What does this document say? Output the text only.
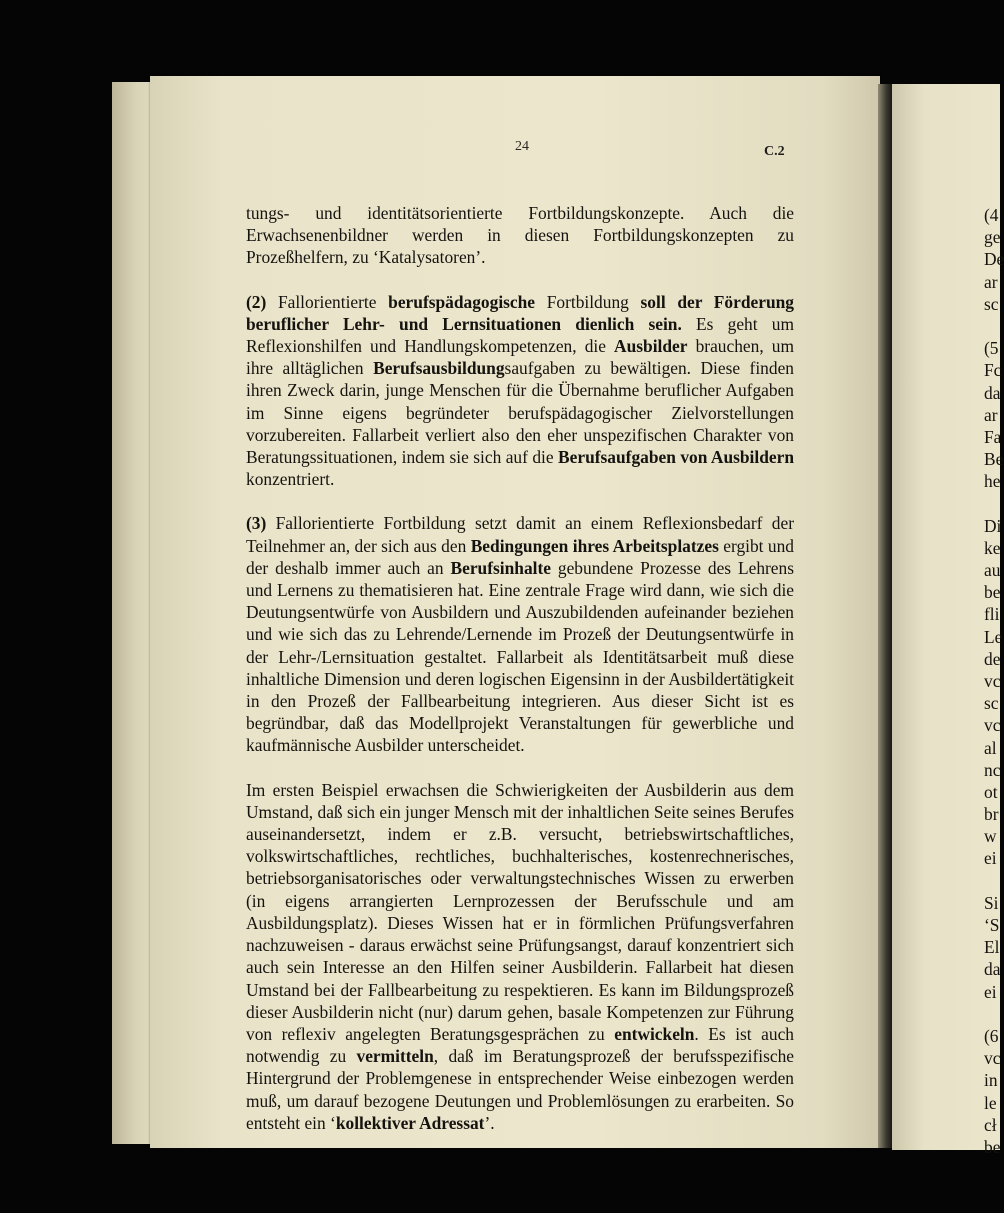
24	C.2

tungs- und identitätsorientierte Fortbildungskonzepte. Auch die Erwachsenenbildner werden in diesen Fortbildungskonzepten zu Prozeßhelfern, zu ‘Katalysatoren’.

(2) Fallorientierte berufspädagogische Fortbildung soll der Förderung beruflicher Lehr- und Lernsituationen dienlich sein. Es geht um Reflexionshilfen und Handlungskompetenzen, die Ausbilder brauchen, um ihre alltäglichen Berufsausbildungsaufgaben zu bewältigen. Diese finden ihren Zweck darin, junge Menschen für die Übernahme beruflicher Aufgaben im Sinne eigens begründeter berufspädagogischer Zielvorstellungen vorzubereiten. Fallarbeit verliert also den eher unspezifischen Charakter von Beratungssituationen, indem sie sich auf die Berufsaufgaben von Ausbildern konzentriert.

(3) Fallorientierte Fortbildung setzt damit an einem Reflexionsbedarf der Teilnehmer an, der sich aus den Bedingungen ihres Arbeitsplatzes ergibt und der deshalb immer auch an Berufsinhalte gebundene Prozesse des Lehrens und Lernens zu thematisieren hat. Eine zentrale Frage wird dann, wie sich die Deutungsentwürfe von Ausbildern und Auszubildenden aufeinander beziehen und wie sich das zu Lehrende/Lernende im Prozeß der Deutungsentwürfe in der Lehr-/Lernsituation gestaltet. Fallarbeit als Identitätsarbeit muß diese inhaltliche Dimension und deren logischen Eigensinn in der Ausbildertätigkeit in den Prozeß der Fallbearbeitung integrieren. Aus dieser Sicht ist es begründbar, daß das Modellprojekt Veranstaltungen für gewerbliche und kaufmännische Ausbilder unterscheidet.

Im ersten Beispiel erwachsen die Schwierigkeiten der Ausbilderin aus dem Umstand, daß sich ein junger Mensch mit der inhaltlichen Seite seines Berufes auseinandersetzt, indem er z.B. versucht, betriebswirtschaftliches, volkswirtschaftliches, rechtliches, buchhalterisches, kostenrechnerisches, betriebsorganisatorisches oder verwaltungstechnisches Wissen zu erwerben (in eigens arrangierten Lernprozessen der Berufsschule und am Ausbildungsplatz). Dieses Wissen hat er in förmlichen Prüfungsverfahren nachzuweisen - daraus erwächst seine Prüfungsangst, darauf konzentriert sich auch sein Interesse an den Hilfen seiner Ausbilderin. Fallarbeit hat diesen Umstand bei der Fallbearbeitung zu respektieren. Es kann im Bildungsprozeß dieser Ausbilderin nicht (nur) darum gehen, basale Kompetenzen zur Führung von reflexiv angelegten Beratungsgesprächen zu entwickeln. Es ist auch notwendig zu vermitteln, daß im Beratungsprozeß der berufsspezifische Hintergrund der Problemgenese in entsprechender Weise einbezogen werden muß, um darauf bezogene Deutungen und Problemlösungen zu erarbeiten. So entsteht ein ‘kollektiver Adressat’.

(4
ge
De
ar
sc
(5
Fc
da
ar
Fa
Be
he
Di
ke
au
be
fli
Le
de
vc
sc
vc
al
nc
ot
br
w
ei
Si
‘S
El
da
ei
(6
vc
in
le
cł
be
